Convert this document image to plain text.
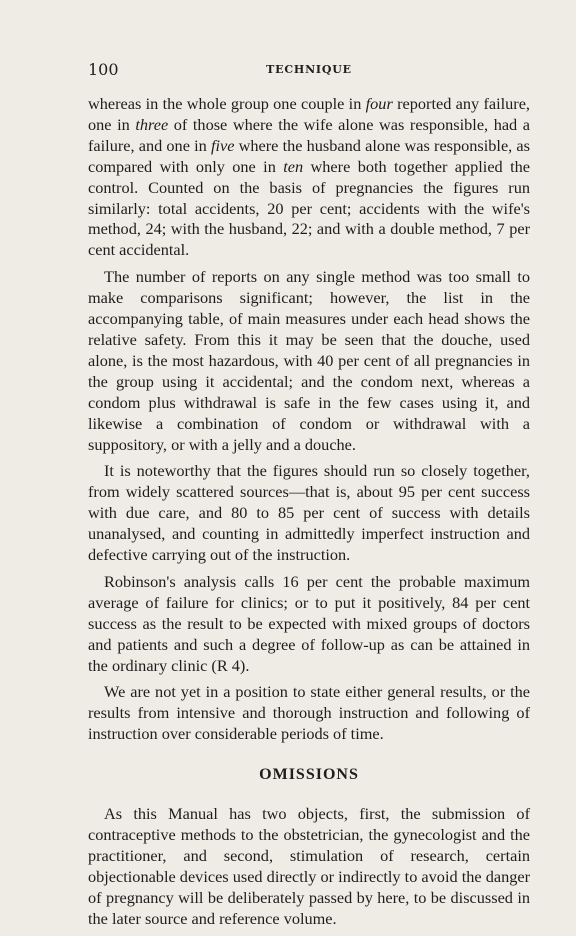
100	TECHNIQUE

whereas in the whole group one couple in four reported any failure, one in three of those where the wife alone was responsible, had a failure, and one in five where the husband alone was responsible, as compared with only one in ten where both together applied the control. Counted on the basis of pregnancies the figures run similarly: total accidents, 20 per cent; accidents with the wife's method, 24; with the husband, 22; and with a double method, 7 per cent accidental.

The number of reports on any single method was too small to make comparisons significant; however, the list in the accompanying table, of main measures under each head shows the relative safety. From this it may be seen that the douche, used alone, is the most hazardous, with 40 per cent of all pregnancies in the group using it accidental; and the condom next, whereas a condom plus withdrawal is safe in the few cases using it, and likewise a combination of condom or withdrawal with a suppository, or with a jelly and a douche.

It is noteworthy that the figures should run so closely together, from widely scattered sources—that is, about 95 per cent success with due care, and 80 to 85 per cent of success with details unanalysed, and counting in admittedly imperfect instruction and defective carrying out of the instruction.

Robinson's analysis calls 16 per cent the probable maximum average of failure for clinics; or to put it positively, 84 per cent success as the result to be expected with mixed groups of doctors and patients and such a degree of follow-up as can be attained in the ordinary clinic (R 4).

We are not yet in a position to state either general results, or the results from intensive and thorough instruction and following of instruction over considerable periods of time.

OMISSIONS

As this Manual has two objects, first, the submission of contraceptive methods to the obstetrician, the gynecologist and the practitioner, and second, stimulation of research, certain objectionable devices used directly or indirectly to avoid the danger of pregnancy will be deliberately passed by here, to be discussed in the later source and reference volume.
